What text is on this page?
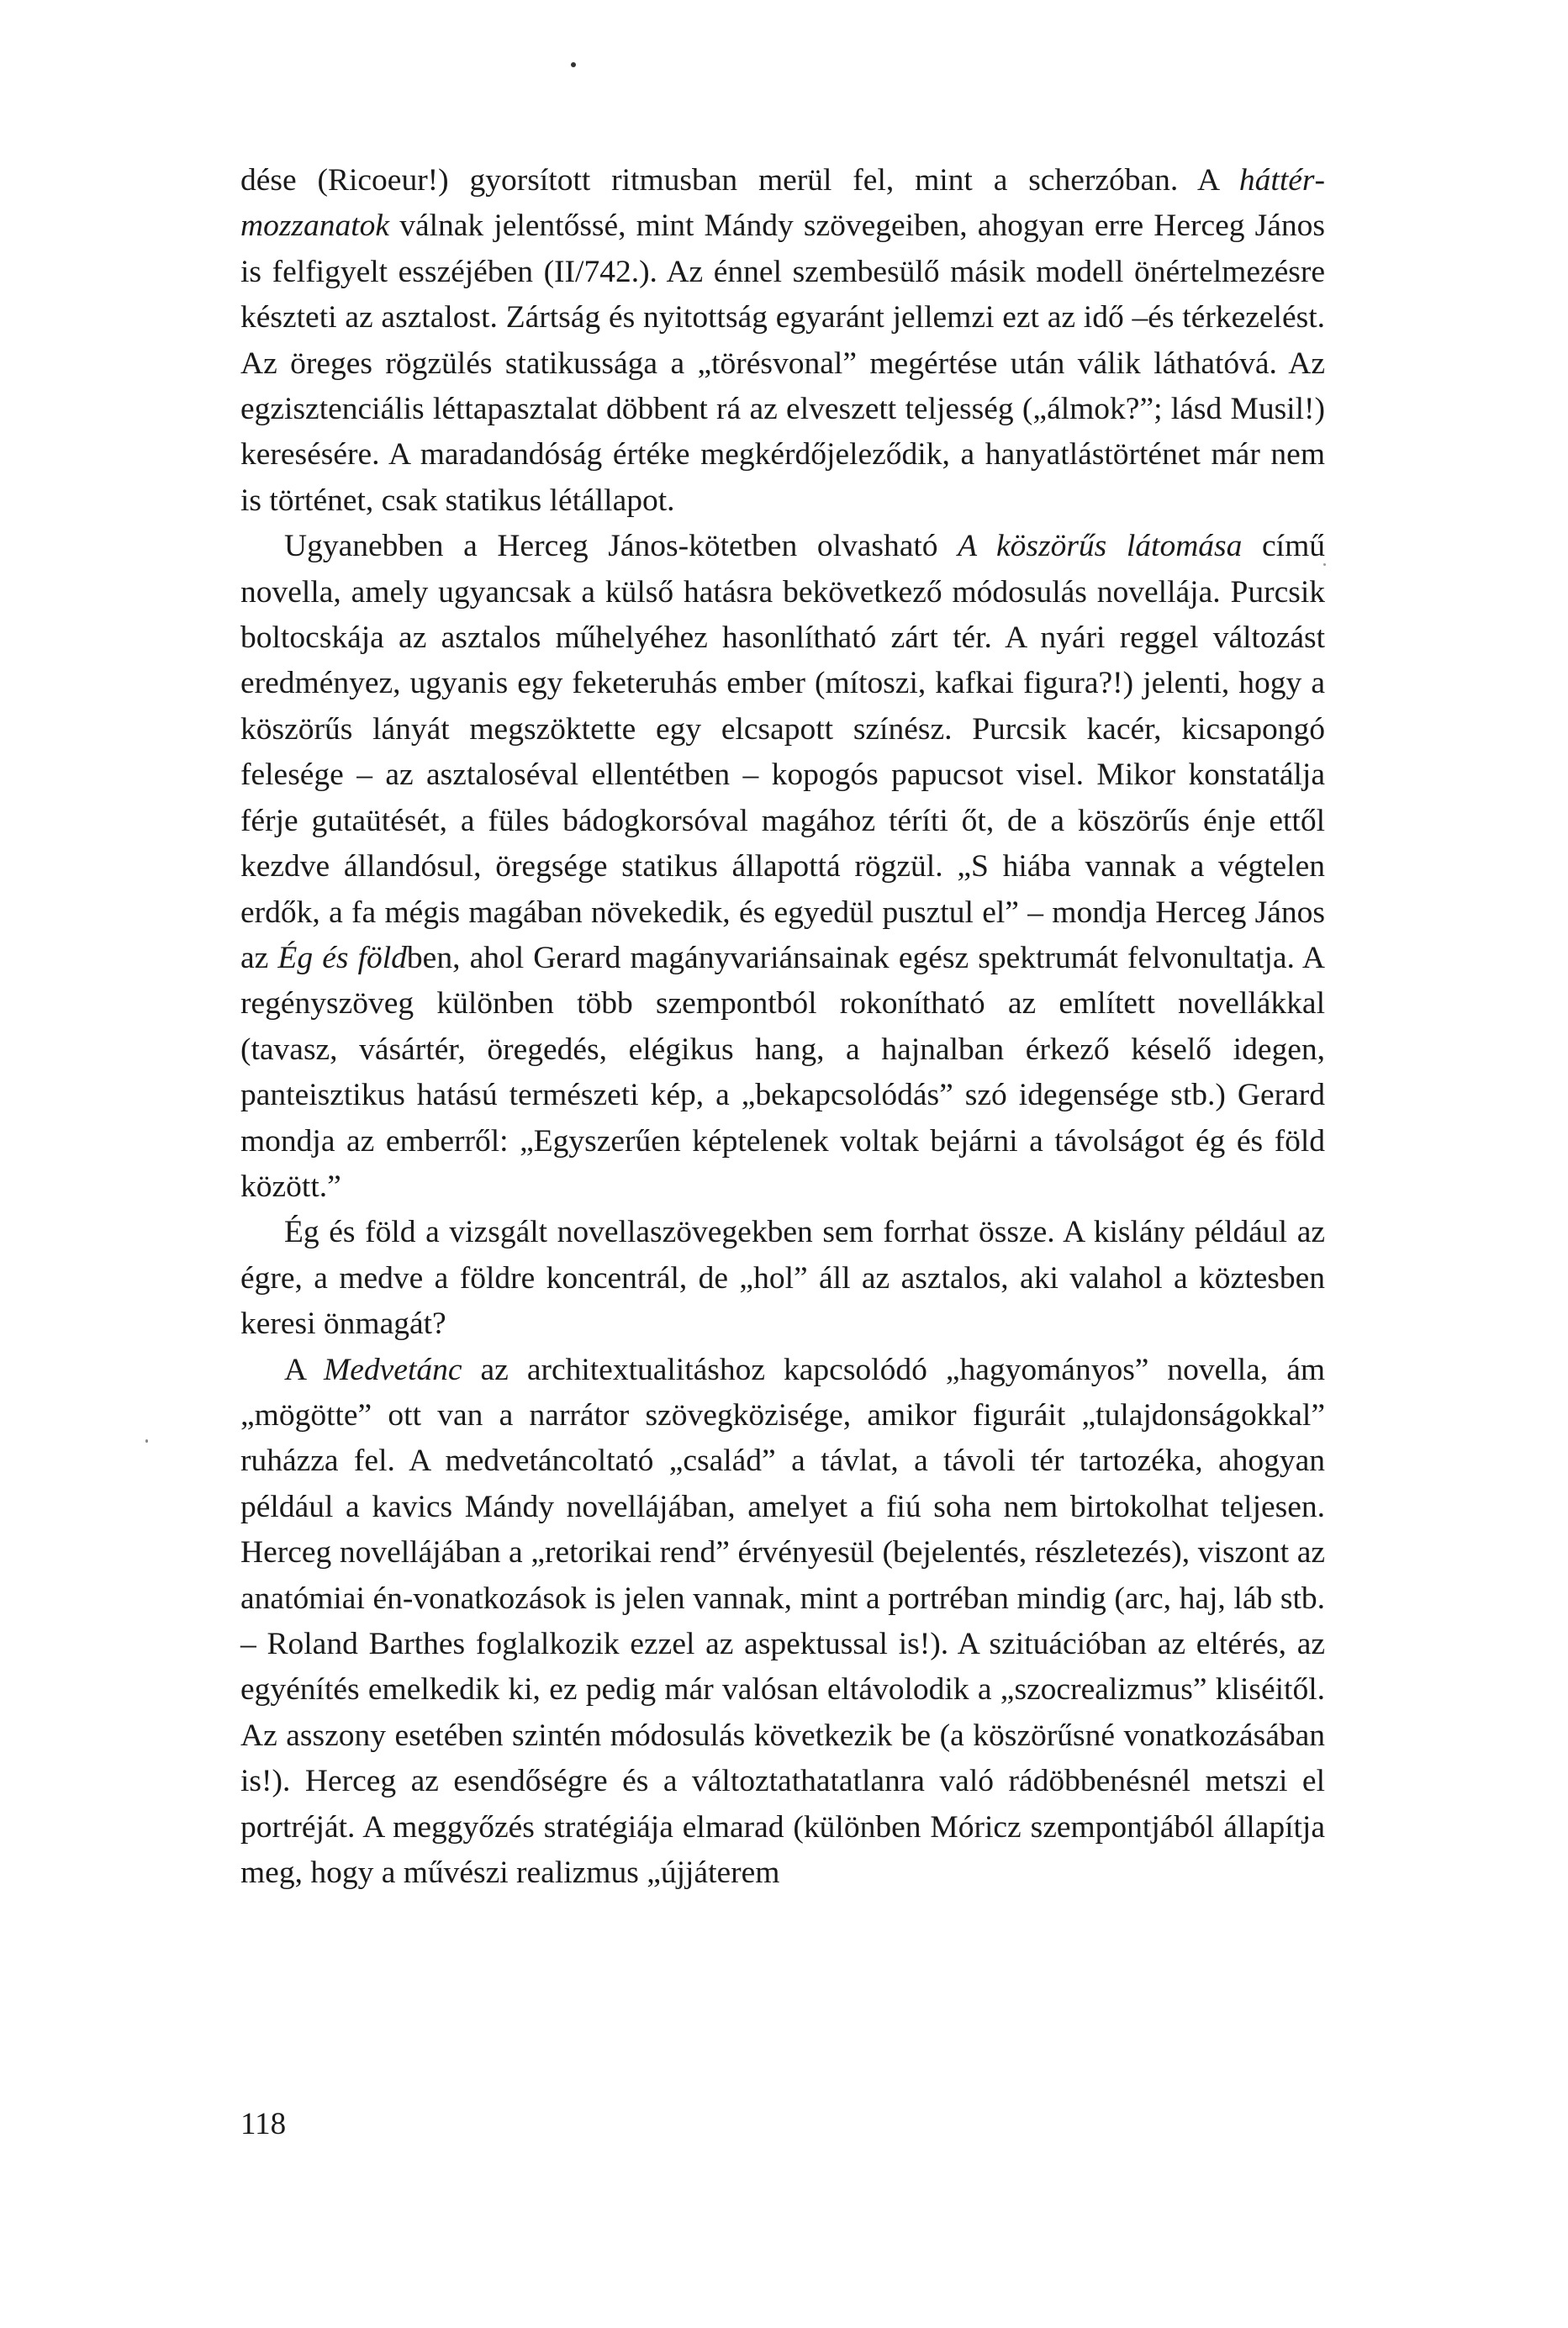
dése (Ricoeur!) gyorsított ritmusban merül fel, mint a scherzóban. A háttérmozzanatok válnak jelentőssé, mint Mándy szövegeiben, ahogyan erre Herceg János is felfigyelt esszéjében (II/742.). Az énnel szembesülő másik modell önértelmezésre készteti az asztalost. Zártság és nyitottság egyaránt jellemzi ezt az idő –és térkezelést. Az öreges rögzülés statikussága a „törésvonal” megértése után válik láthatóvá. Az egzisztenciális léttapasztalat döbbent rá az elveszett teljesség („álmok?”; lásd Musil!) keresésére. A maradandóság értéke megkérdőjeleződik, a hanyatlástörténet már nem is történet, csak statikus létállapot.

Ugyanebben a Herceg János-kötetben olvasható A köszörűs látomása című novella, amely ugyancsak a külső hatásra bekövetkező módosulás novellája. Purcsik boltocskája az asztalos műhelyéhez hasonlítható zárt tér. A nyári reggel változást eredményez, ugyanis egy feketeruhás ember (mítoszi, kafkai figura?!) jelenti, hogy a köszörűs lányát megszöktette egy elcsapott színész. Purcsik kacér, kicsapongó felesége – az asztaloséval ellentétben – kopogós papucsot visel. Mikor konstatálja férje gutaütését, a füles bádogkorsóval magához téríti őt, de a köszörűs énje ettől kezdve állandósul, öregsége statikus állapottá rögzül. „S hiába vannak a végtelen erdők, a fa mégis magában növekedik, és egyedül pusztul el” – mondja Herceg János az Ég és földben, ahol Gerard magányvariánsainak egész spektrumát felvonultatja. A regényszöveg különben több szempontból rokonítható az említett novellákkal (tavasz, vásártér, öregedés, elégikus hang, a hajnalban érkező késelő idegen, panteisztikus hatású természeti kép, a „bekapcsolódás” szó idegensége stb.) Gerard mondja az emberről: „Egyszerűen képtelenek voltak bejárni a távolságot ég és föld között.”

Ég és föld a vizsgált novellaszövegekben sem forrhat össze. A kislány például az égre, a medve a földre koncentrál, de „hol” áll az asztalos, aki valahol a köztesben keresi önmagát?

A Medvetánc az architextualitáshoz kapcsolódó „hagyományos” novella, ám „mögötte” ott van a narrátor szövegközisége, amikor figuráit „tulajdonságokkal” ruházza fel. A medvetáncoltató „család” a távlat, a távoli tér tartozéka, ahogyan például a kavics Mándy novellájában, amelyet a fiú soha nem birtokolhat teljesen. Herceg novellájában a „retorikai rend” érvényesül (bejelentés, részletezés), viszont az anatómiai én-vonatkozások is jelen vannak, mint a portréban mindig (arc, haj, láb stb. – Roland Barthes foglalkozik ezzel az aspektussal is!). A szituációban az eltérés, az egyénítés emelkedik ki, ez pedig már valósan eltávolodik a „szocrealizmus” kliséitől. Az asszony esetében szintén módosulás következik be (a köszörűsné vonatkozásában is!). Herceg az esendőségre és a változtathatatlanra való rádöbbenésnél metszi el portréját. A meggyőzés stratégiája elmarad (különben Móricz szempontjából állapítja meg, hogy a művészi realizmus „újjáterem

118
